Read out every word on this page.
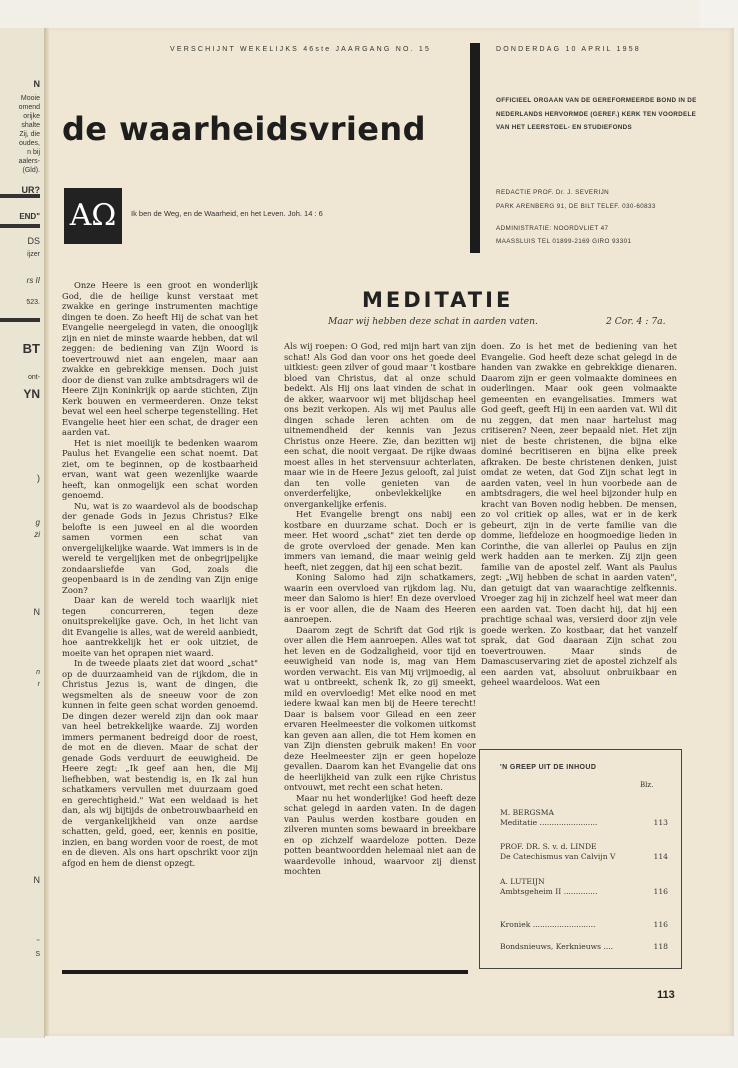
N
Mooie
omend
orijke
shalte
Zij, die
oudes,
n bij
aalers-
(Gld).
UR?
END"
DS
ijzer
rs II
523.
BT
ont-
YN
)
g
zi
N
n
r
N
,,
S
VERSCHIJNT WEKELIJKS 46ste JAARGANG NO. 15	DONDERDAG 10 APRIL 1958
de waarheidsvriend
AΩ	Ik ben de Weg, en de Waarheid, en het Leven. Joh. 14 : 6
OFFICIEEL ORGAAN VAN DE GEREFORMEERDE BOND IN DE NEDERLANDS HERVORMDE (GEREF.) KERK TEN VOORDELE VAN HET LEERSTOEL- EN STUDIEFONDS
REDACTIE PROF. Dr. J. SEVERIJN
PARK ARENBERG 91, DE BILT TELEF. 030-60833
ADMINISTRATIE: NOORDVLIET 47
MAASSLUIS TEL 01899-2169 GIRO 93301
MEDITATIE
Maar wij hebben deze schat in aarden vaten.	2 Cor. 4 : 7a.

Onze Heere is een groot en wonderlijk God, die de heilige kunst verstaat met zwakke en geringe instrumenten machtige dingen te doen. Zo heeft Hij de schat van het Evangelie neergelegd in vaten, die onooglijk zijn en niet de minste waarde hebben, dat wil zeggen: de bediening van Zijn Woord is toevertrouwd niet aan engelen, maar aan zwakke en gebrekkige mensen. Doch juist door de dienst van zulke ambtsdragers wil de Heere Zijn Koninkrijk op aarde stichten, Zijn Kerk bouwen en vermeerderen. Onze tekst bevat wel een heel scherpe tegenstelling. Het Evangelie heet hier een schat, de drager een aarden vat.

Het is niet moeilijk te bedenken waarom Paulus het Evangelie een schat noemt. Dat ziet, om te beginnen, op de kostbaarheid ervan, want wat geen wezenlijke waarde heeft, kan onmogelijk een schat worden genoemd.

Nu, wat is zo waardevol als de boodschap der genade Gods in Jezus Christus? Elke belofte is een juweel en al die woorden samen vormen een schat van onvergelijkelijke waarde. Wat immers is in de wereld te vergelijken met de onbegrijpelijke zondaarsliefde van God, zoals die geopenbaard is in de zending van Zijn enige Zoon?

Daar kan de wereld toch waarlijk niet tegen concurreren, tegen deze onuitsprekelijke gave. Och, in het licht van dit Evangelie is alles, wat de wereld aanbiedt, hoe aantrekkelijk het er ook uitziet, de moeite van het oprapen niet waard.

In de tweede plaats ziet dat woord „schat" op de duurzaamheid van de rijkdom, die in Christus Jezus is, want de dingen, die wegsmelten als de sneeuw voor de zon kunnen in feite geen schat worden genoemd. De dingen dezer wereld zijn dan ook maar van heel betrekkelijke waarde. Zij worden immers permanent bedreigd door de roest, de mot en de dieven. Maar de schat der genade Gods verduurt de eeuwigheid. De Heere zegt: „Ik geef aan hen, die Mij liefhebben, wat bestendig is, en Ik zal hun schatkamers vervullen met duurzaam goed en gerechtigheid." Wat een weldaad is het dan, als wij bijtijds de onbetrouwbaarheid en de vergankelijkheid van onze aardse schatten, geld, goed, eer, kennis en positie, inzien, en bang worden voor de roest, de mot en de dieven. Als ons hart opschrikt voor zijn afgod en hem de dienst opzegt.

Als wij roepen: O God, red mijn hart van zijn schat! Als God dan voor ons het goede deel uitkiest: geen zilver of goud maar 't kostbare bloed van Christus, dat al onze schuld bedekt. Als Hij ons laat vinden de schat in de akker, waarvoor wij met blijdschap heel ons bezit verkopen. Als wij met Paulus alle dingen schade leren achten om de uitnemendheid der kennis van Jezus Christus onze Heere. Zie, dan bezitten wij een schat, die nooit vergaat. De rijke dwaas moest alles in het stervensuur achterlaten, maar wie in de Heere Jezus gelooft, zal juist dan ten volle genieten van de onverderfelijke, onbevlekkelijke en onvergankelijke erfenis.

Het Evangelie brengt ons nabij een kostbare en duurzame schat. Doch er is meer. Het woord „schat" ziet ten derde op de grote overvloed der genade. Men kan immers van iemand, die maar weinig geld heeft, niet zeggen, dat hij een schat bezit.

Koning Salomo had zijn schatkamers, waarin een overvloed van rijkdom lag. Nu, meer dan Salomo is hier! En deze overvloed is er voor allen, die de Naam des Heeren aanroepen.

Daarom zegt de Schrift dat God rijk is over allen die Hem aanroepen. Alles wat tot het leven en de Godzaligheid, voor tijd en eeuwigheid van node is, mag van Hem worden verwacht. Eis van Mij vrijmoedig, al wat u ontbreekt, schenk Ik, zo gij smeekt, mild en overvloedig! Met elke nood en met iedere kwaal kan men bij de Heere terecht! Daar is balsem voor Gilead en een zeer ervaren Heelmeester die volkomen uitkomst kan geven aan allen, die tot Hem komen en van Zijn diensten gebruik maken! En voor deze Heelmeester zijn er geen hopeloze gevallen. Daarom kan het Evangelie dat ons de heerlijkheid van zulk een rijke Christus ontvouwt, met recht een schat heten.

Maar nu het wonderlijke! God heeft deze schat gelegd in aarden vaten. In de dagen van Paulus werden kostbare gouden en zilveren munten soms bewaard in breekbare en op zichzelf waardeloze potten. Deze potten beantwoordden helemaal niet aan de waardevolle inhoud, waarvoor zij dienst mochten

doen. Zo is het met de bediening van het Evangelie. God heeft deze schat gelegd in de handen van zwakke en gebrekkige dienaren. Daarom zijn er geen volmaakte dominees en ouderlingen. Maar ook geen volmaakte gemeenten en evangelisaties. Immers wat God geeft, geeft Hij in een aarden vat. Wil dit nu zeggen, dat men naar hartelust mag critiseren? Neen, zeer bepaald niet. Het zijn niet de beste christenen, die bijna elke dominé becritiseren en bijna elke preek afkraken. De beste christenen denken, juist omdat ze weten, dat God Zijn schat legt in aarden vaten, veel in hun voorbede aan de ambtsdragers, die wel heel bijzonder hulp en kracht van Boven nodig hebben. De mensen, zo vol critiek op alles, wat er in de kerk gebeurt, zijn in de verte familie van die domme, liefdeloze en hoogmoedige lieden in Corinthe, die van allerlei op Paulus en zijn werk hadden aan te merken. Zij zijn geen familie van de apostel zelf. Want als Paulus zegt: „Wij hebben de schat in aarden vaten", dan getuigt dat van waarachtige zelfkennis. Vroeger zag hij in zichzelf heel wat meer dan een aarden vat. Toen dacht hij, dat hij een prachtige schaal was, versierd door zijn vele goede werken. Zo kostbaar, dat het vanzelf sprak, dat God daaraan Zijn schat zou toevertrouwen. Maar sinds de Damascuservaring ziet de apostel zichzelf als een aarden vat, absoluut onbruikbaar en geheel waardeloos. Wat een

'N GREEP UIT DE INHOUD
Blz.
M. BERGSMA
Meditatie ........................	113
PROF. DR. S. v. d. LINDE
De Catechismus van Calvijn V	114
A. LUTEIJN
Ambtsgeheim II ..............	116
Kroniek ..........................	116
Bondsnieuws, Kerknieuws ....	118
113
